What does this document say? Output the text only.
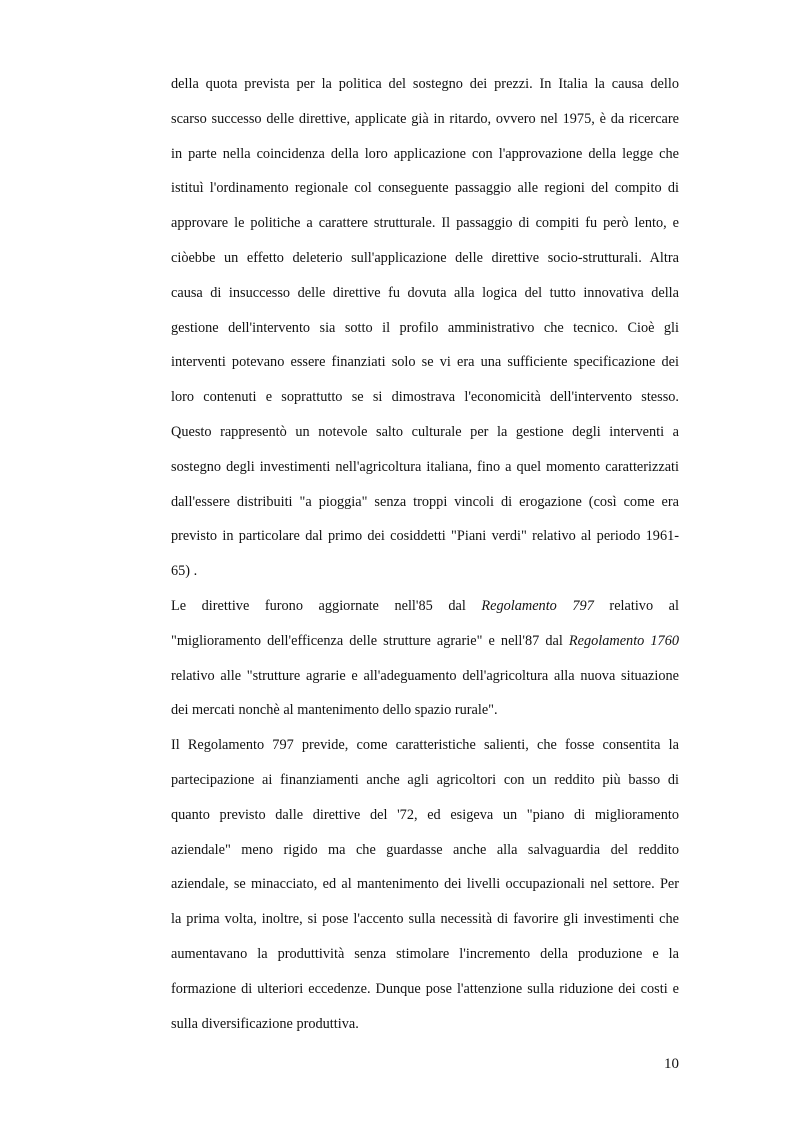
della quota prevista per la politica del sostegno dei prezzi. In Italia la causa dello
scarso successo delle direttive, applicate già in ritardo, ovvero nel 1975, è da ricercare
in parte nella coincidenza della loro applicazione con l'approvazione della legge che
istituì l'ordinamento regionale col conseguente passaggio alle regioni del compito di
approvare le politiche a carattere strutturale. Il passaggio di compiti fu però lento, e
ciòebbe un effetto deleterio sull'applicazione delle direttive socio-strutturali. Altra
causa di insuccesso delle direttive fu dovuta alla logica del tutto innovativa della
gestione dell'intervento sia sotto il profilo amministrativo che tecnico. Cioè gli
interventi potevano essere finanziati solo se vi era una sufficiente specificazione dei
loro contenuti e soprattutto se si dimostrava l'economicità dell'intervento stesso.
Questo rappresentò un notevole salto culturale per la gestione degli interventi a
sostegno degli investimenti nell'agricoltura italiana, fino a quel momento caratterizzati
dall'essere distribuiti "a pioggia" senza troppi vincoli di erogazione (così come era
previsto in particolare dal primo dei cosiddetti "Piani verdi" relativo al periodo 1961-
65) .
Le direttive furono aggiornate nell'85 dal Regolamento 797 relativo al
"miglioramento dell'efficenza delle strutture agrarie" e nell'87 dal Regolamento 1760
relativo alle "strutture agrarie e all'adeguamento dell'agricoltura alla nuova situazione
dei mercati nonchè al mantenimento dello spazio rurale".
Il Regolamento 797 previde, come caratteristiche salienti, che fosse consentita la
partecipazione ai finanziamenti anche agli agricoltori con un reddito più basso di
quanto previsto dalle direttive del '72, ed esigeva un "piano di miglioramento
aziendale" meno rigido ma che guardasse anche alla salvaguardia del reddito
aziendale, se minacciato, ed al mantenimento dei livelli occupazionali nel settore. Per
la prima volta, inoltre, si pose l'accento sulla necessità di favorire gli investimenti che
aumentavano la produttività senza stimolare l'incremento della produzione e la
formazione di ulteriori eccedenze. Dunque pose l'attenzione sulla riduzione dei costi e
sulla diversificazione produttiva.
10
